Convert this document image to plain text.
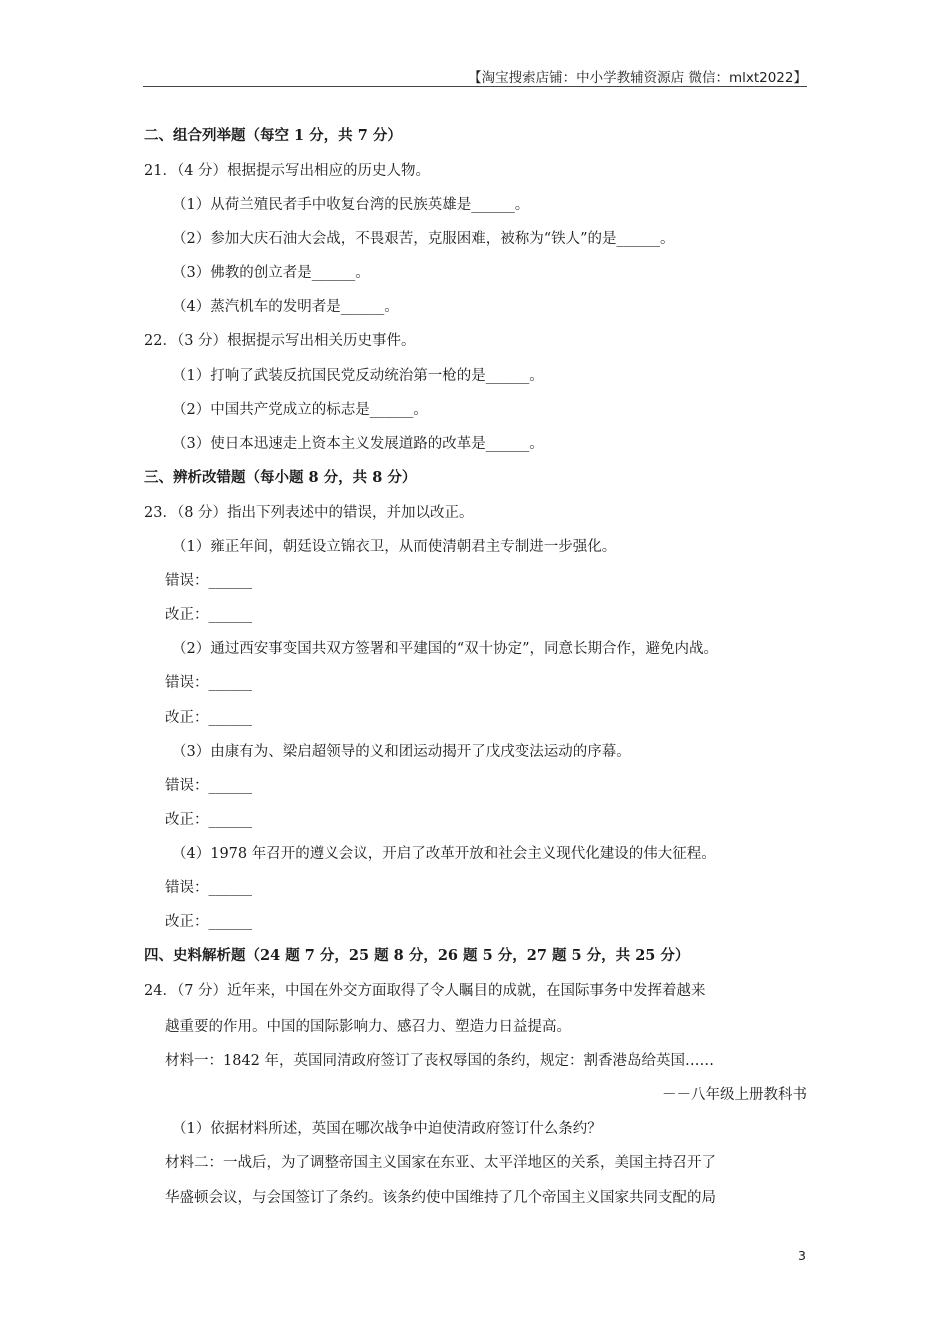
【淘宝搜索店铺：中小学教辅资源店 微信：mlxt2022】
二、组合列举题（每空 1 分，共 7 分）
21．（4 分）根据提示写出相应的历史人物。
（1）从荷兰殖民者手中收复台湾的民族英雄是______。
（2）参加大庆石油大会战，不畏艰苦，克服困难，被称为“铁人”的是______。
（3）佛教的创立者是______。
（4）蒸汽机车的发明者是______。
22．（3 分）根据提示写出相关历史事件。
（1）打响了武装反抗国民党反动统治第一枪的是______。
（2）中国共产党成立的标志是______。
（3）使日本迅速走上资本主义发展道路的改革是______。
三、辨析改错题（每小题 8 分，共 8 分）
23．（8 分）指出下列表述中的错误，并加以改正。
（1）雍正年间，朝廷设立锦衣卫，从而使清朝君主专制进一步强化。
错误：______
改正：______
（2）通过西安事变国共双方签署和平建国的“双十协定”，同意长期合作，避免内战。
错误：______
改正：______
（3）由康有为、梁启超领导的义和团运动揭开了戊戌变法运动的序幕。
错误：______
改正：______
（4）1978 年召开的遵义会议，开启了改革开放和社会主义现代化建设的伟大征程。
错误：______
改正：______
四、史料解析题（24 题 7 分，25 题 8 分，26 题 5 分，27 题 5 分，共 25 分）
24．（7 分）近年来，中国在外交方面取得了令人瞩目的成就，在国际事务中发挥着越来
越重要的作用。中国的国际影响力、感召力、塑造力日益提高。
材料一：1842 年，英国同清政府签订了丧权辱国的条约，规定：割香港岛给英国……
－－八年级上册教科书
（1）依据材料所述，英国在哪次战争中迫使清政府签订什么条约？
材料二：一战后，为了调整帝国主义国家在东亚、太平洋地区的关系，美国主持召开了
华盛顿会议，与会国签订了条约。该条约使中国维持了几个帝国主义国家共同支配的局
3
